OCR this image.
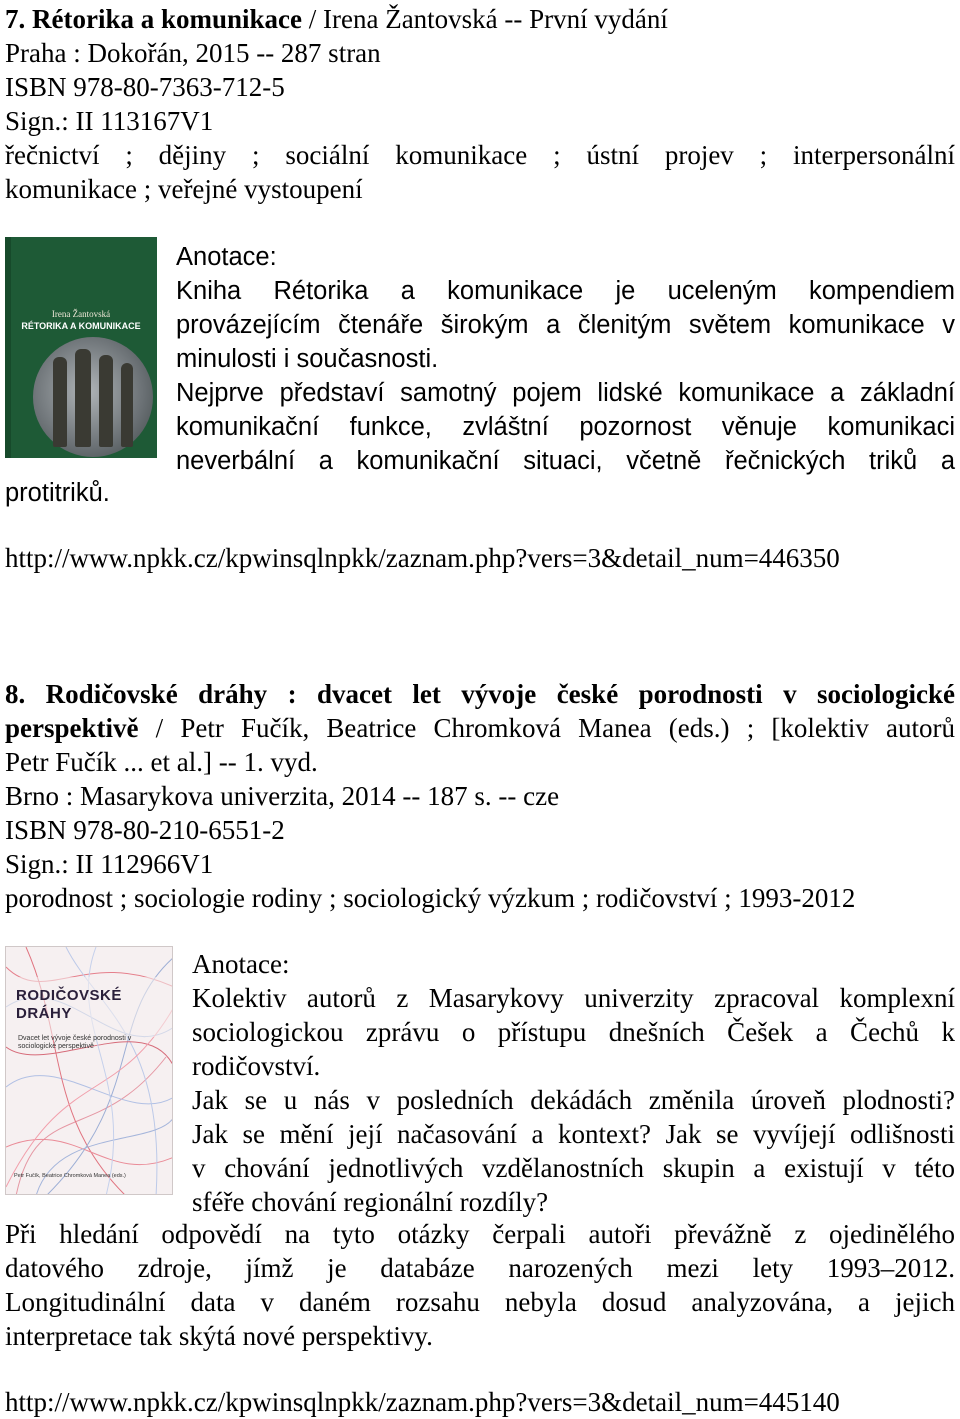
7. Rétorika a komunikace / Irena Žantovská -- První vydání
Praha : Dokořán, 2015 -- 287 stran
ISBN 978-80-7363-712-5
Sign.: II 113167V1
řečnictví ; dějiny ; sociální komunikace ; ústní projev ; interpersonální
komunikace ; veřejné vystoupení
Irena Žantovská
RÉTORIKA A KOMUNIKACE
Anotace:
Kniha Rétorika a komunikace je uceleným kompendiem
provázejícím čtenáře širokým a členitým světem komunikace v
minulosti i současnosti.
Nejprve představí samotný pojem lidské komunikace a základní
komunikační funkce, zvláštní pozornost věnuje komunikaci
neverbální a komunikační situaci, včetně řečnických triků a
protitriků.
http://www.npkk.cz/kpwinsqlnpkk/zaznam.php?vers=3&detail_num=446350
8. Rodičovské dráhy : dvacet let vývoje české porodnosti v sociologické
perspektivě / Petr Fučík, Beatrice Chromková Manea (eds.) ; [kolektiv autorů
Petr Fučík ... et al.] -- 1. vyd.
Brno : Masarykova univerzita, 2014 -- 187 s. -- cze
ISBN 978-80-210-6551-2
Sign.: II 112966V1
porodnost ; sociologie rodiny ; sociologický výzkum ; rodičovství ; 1993-2012
RODIČOVSKÉ
DRÁHY
Dvacet let vývoje české porodnosti v sociologické perspektivě
Petr Fučík, Beatrice Chromková Manea (eds.)
Anotace:
Kolektiv autorů z Masarykovy univerzity zpracoval komplexní
sociologickou zprávu o přístupu dnešních Češek a Čechů k
rodičovství.
Jak se u nás v posledních dekádách změnila úroveň plodnosti?
Jak se mění její načasování a kontext? Jak se vyvíjejí odlišnosti
v chování jednotlivých vzdělanostních skupin a existují v této
sféře chování regionální rozdíly?
Při hledání odpovědí na tyto otázky čerpali autoři převážně z ojedinělého
datového zdroje, jímž je databáze narozených mezi lety 1993–2012.
Longitudinální data v daném rozsahu nebyla dosud analyzována, a jejich
interpretace tak skýtá nové perspektivy.
http://www.npkk.cz/kpwinsqlnpkk/zaznam.php?vers=3&detail_num=445140
